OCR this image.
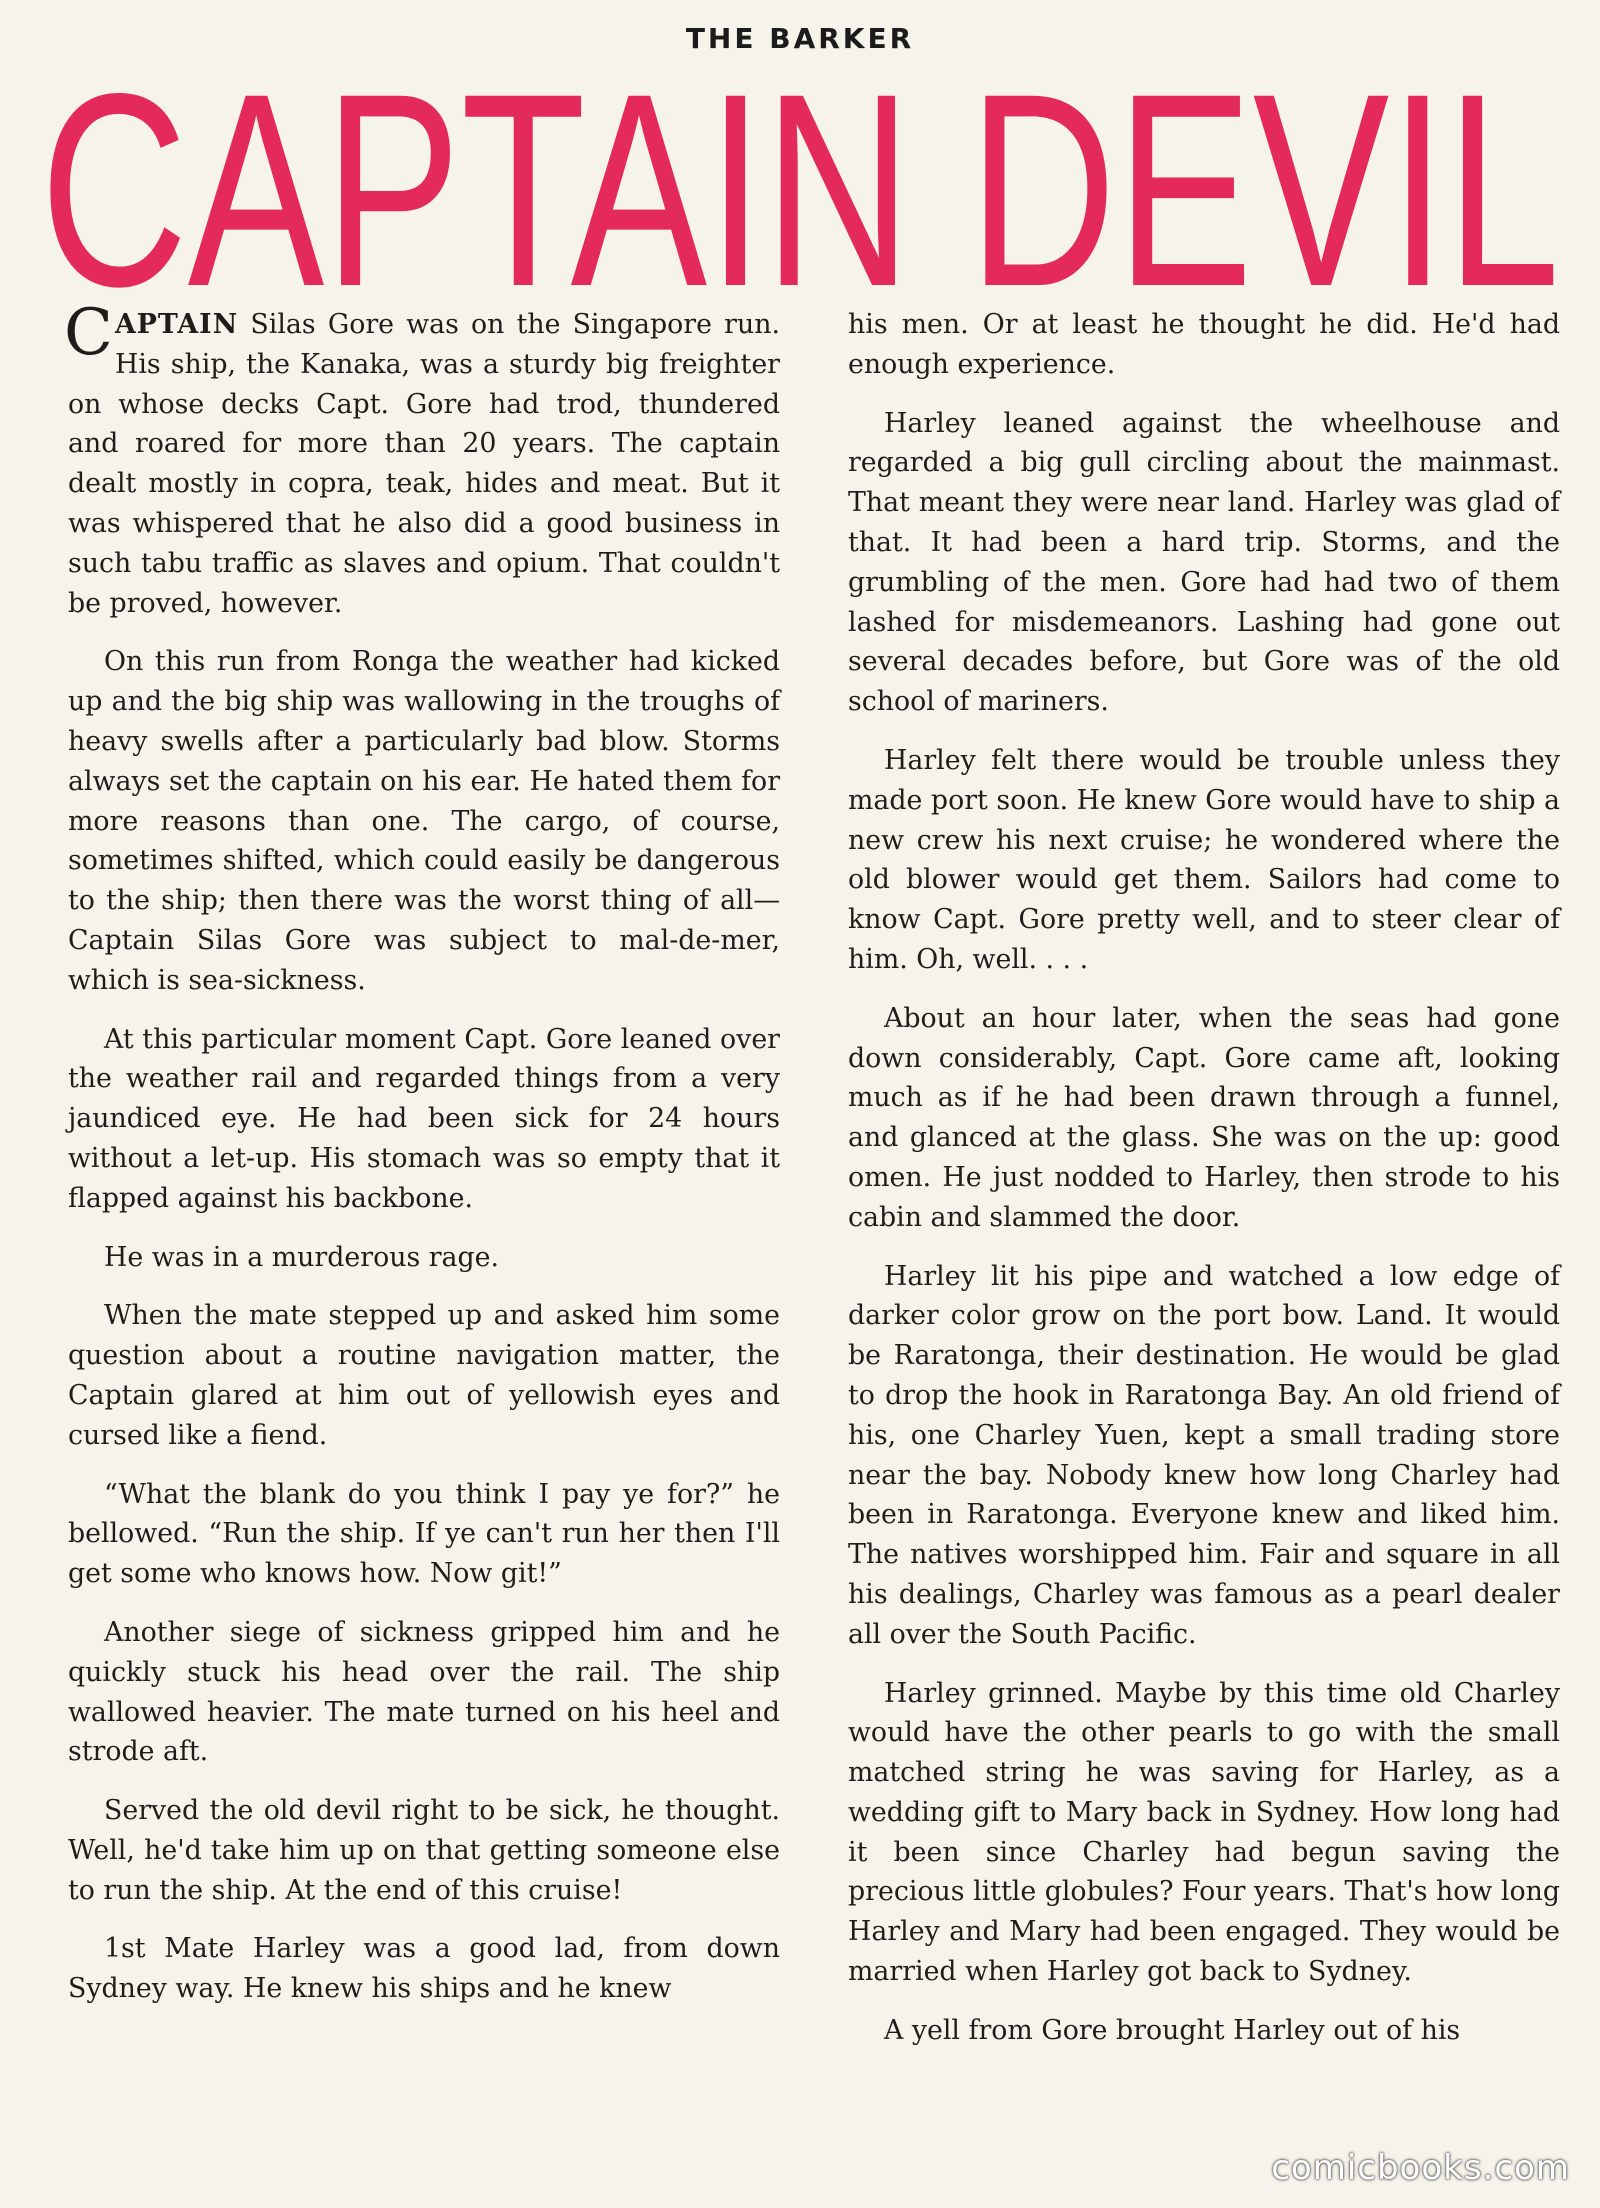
THE BARKER
CAPTAIN DEVIL

CAPTAIN Silas Gore was on the Singapore run. His ship, the Kanaka, was a sturdy big freighter on whose decks Capt. Gore had trod, thundered and roared for more than 20 years. The captain dealt mostly in copra, teak, hides and meat. But it was whispered that he also did a good business in such tabu traffic as slaves and opium. That couldn't be proved, however.

On this run from Ronga the weather had kicked up and the big ship was wallowing in the troughs of heavy swells after a particularly bad blow. Storms always set the captain on his ear. He hated them for more reasons than one. The cargo, of course, sometimes shifted, which could easily be dangerous to the ship; then there was the worst thing of all—Captain Silas Gore was subject to mal-de-mer, which is sea-sickness.

At this particular moment Capt. Gore leaned over the weather rail and regarded things from a very jaundiced eye. He had been sick for 24 hours without a let-up. His stomach was so empty that it flapped against his backbone.

He was in a murderous rage.

When the mate stepped up and asked him some question about a routine navigation matter, the Captain glared at him out of yellowish eyes and cursed like a fiend.

“What the blank do you think I pay ye for?” he bellowed. “Run the ship. If ye can't run her then I'll get some who knows how. Now git!”

Another siege of sickness gripped him and he quickly stuck his head over the rail. The ship wallowed heavier. The mate turned on his heel and strode aft.

Served the old devil right to be sick, he thought. Well, he'd take him up on that getting someone else to run the ship. At the end of this cruise!

1st Mate Harley was a good lad, from down Sydney way. He knew his ships and he knew

his men. Or at least he thought he did. He'd had enough experience.

Harley leaned against the wheelhouse and regarded a big gull circling about the mainmast. That meant they were near land. Harley was glad of that. It had been a hard trip. Storms, and the grumbling of the men. Gore had had two of them lashed for misdemeanors. Lashing had gone out several decades before, but Gore was of the old school of mariners.

Harley felt there would be trouble unless they made port soon. He knew Gore would have to ship a new crew his next cruise; he wondered where the old blower would get them. Sailors had come to know Capt. Gore pretty well, and to steer clear of him. Oh, well. . . .

About an hour later, when the seas had gone down considerably, Capt. Gore came aft, looking much as if he had been drawn through a funnel, and glanced at the glass. She was on the up: good omen. He just nodded to Harley, then strode to his cabin and slammed the door.

Harley lit his pipe and watched a low edge of darker color grow on the port bow. Land. It would be Raratonga, their destination. He would be glad to drop the hook in Raratonga Bay. An old friend of his, one Charley Yuen, kept a small trading store near the bay. Nobody knew how long Charley had been in Raratonga. Everyone knew and liked him. The natives worshipped him. Fair and square in all his dealings, Charley was famous as a pearl dealer all over the South Pacific.

Harley grinned. Maybe by this time old Charley would have the other pearls to go with the small matched string he was saving for Harley, as a wedding gift to Mary back in Sydney. How long had it been since Charley had begun saving the precious little globules? Four years. That's how long Harley and Mary had been engaged. They would be married when Harley got back to Sydney.

A yell from Gore brought Harley out of his

comicbooks.com
